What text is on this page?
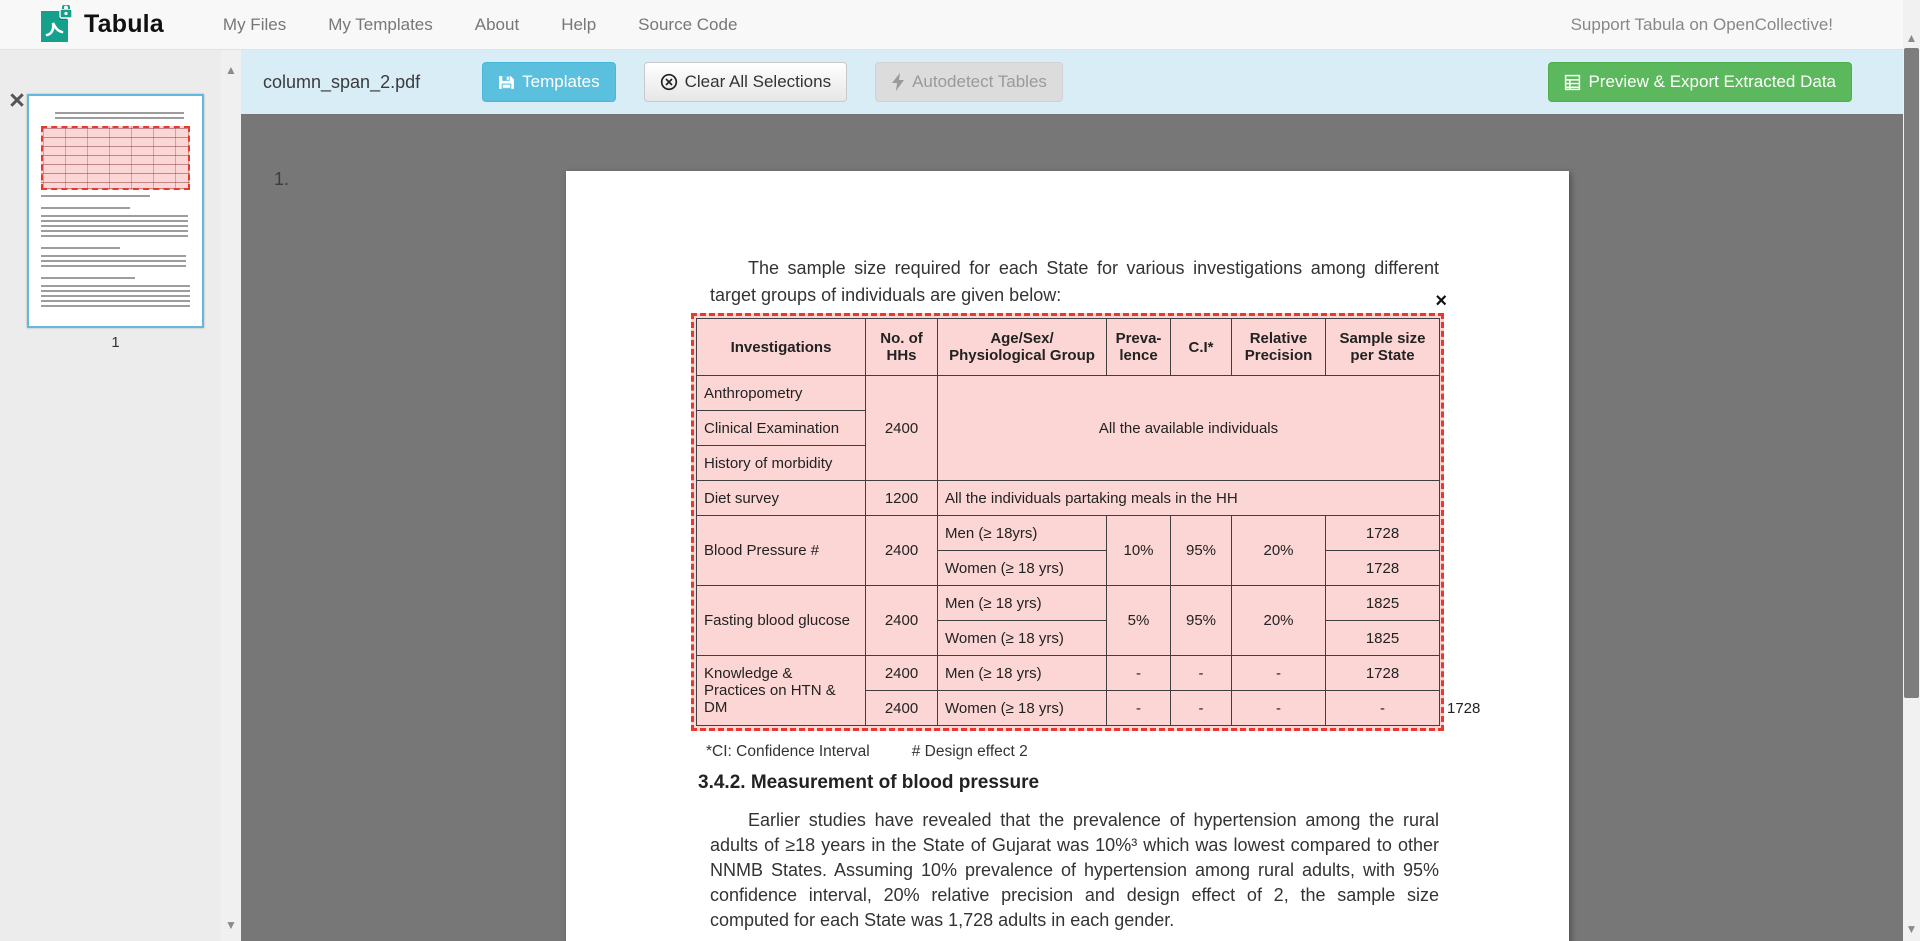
Tabula	My Files	My Templates	About	Help	Source Code	Support Tabula on OpenCollective!
×
1
▲
▼
column_span_2.pdf	Templates	Clear All Selections	Autodetect Tables	Preview & Export Extracted Data
1.

The sample size required for each State for various investigations among different target groups of individuals are given below:	×
Investigations	No. of HHs	Age/Sex/ Physiological Group	Preva-lence	C.I*	Relative Precision	Sample size per State	
Anthropometry	2400	All the available individuals					
Clinical Examination							
History of morbidity							
Diet survey	1200	All the individuals partaking meals in the HH					
Blood Pressure #	2400	Men (≥ 18yrs)	10%	95%	20%	1728	
		Women (≥ 18 yrs)				1728	
Fasting blood glucose	2400	Men (≥ 18 yrs)	5%	95%	20%	1825	
		Women (≥ 18 yrs)				1825	
Knowledge & Practices on HTN & DM	2400	Men (≥ 18 yrs)	-	-	-	1728	
	2400	Women (≥ 18 yrs)	-	-	-	-	1728

*CI: Confidence Interval	# Design effect 2

3.4.2. Measurement of blood pressure

Earlier studies have revealed that the prevalence of hypertension among the rural adults of ≥18 years in the State of Gujarat was 10%³ which was lowest compared to other NNMB States. Assuming 10% prevalence of hypertension among rural adults, with 95% confidence interval, 20% relative precision and design effect of 2, the sample size computed for each State was 1,728 adults in each gender.

▲
▼
